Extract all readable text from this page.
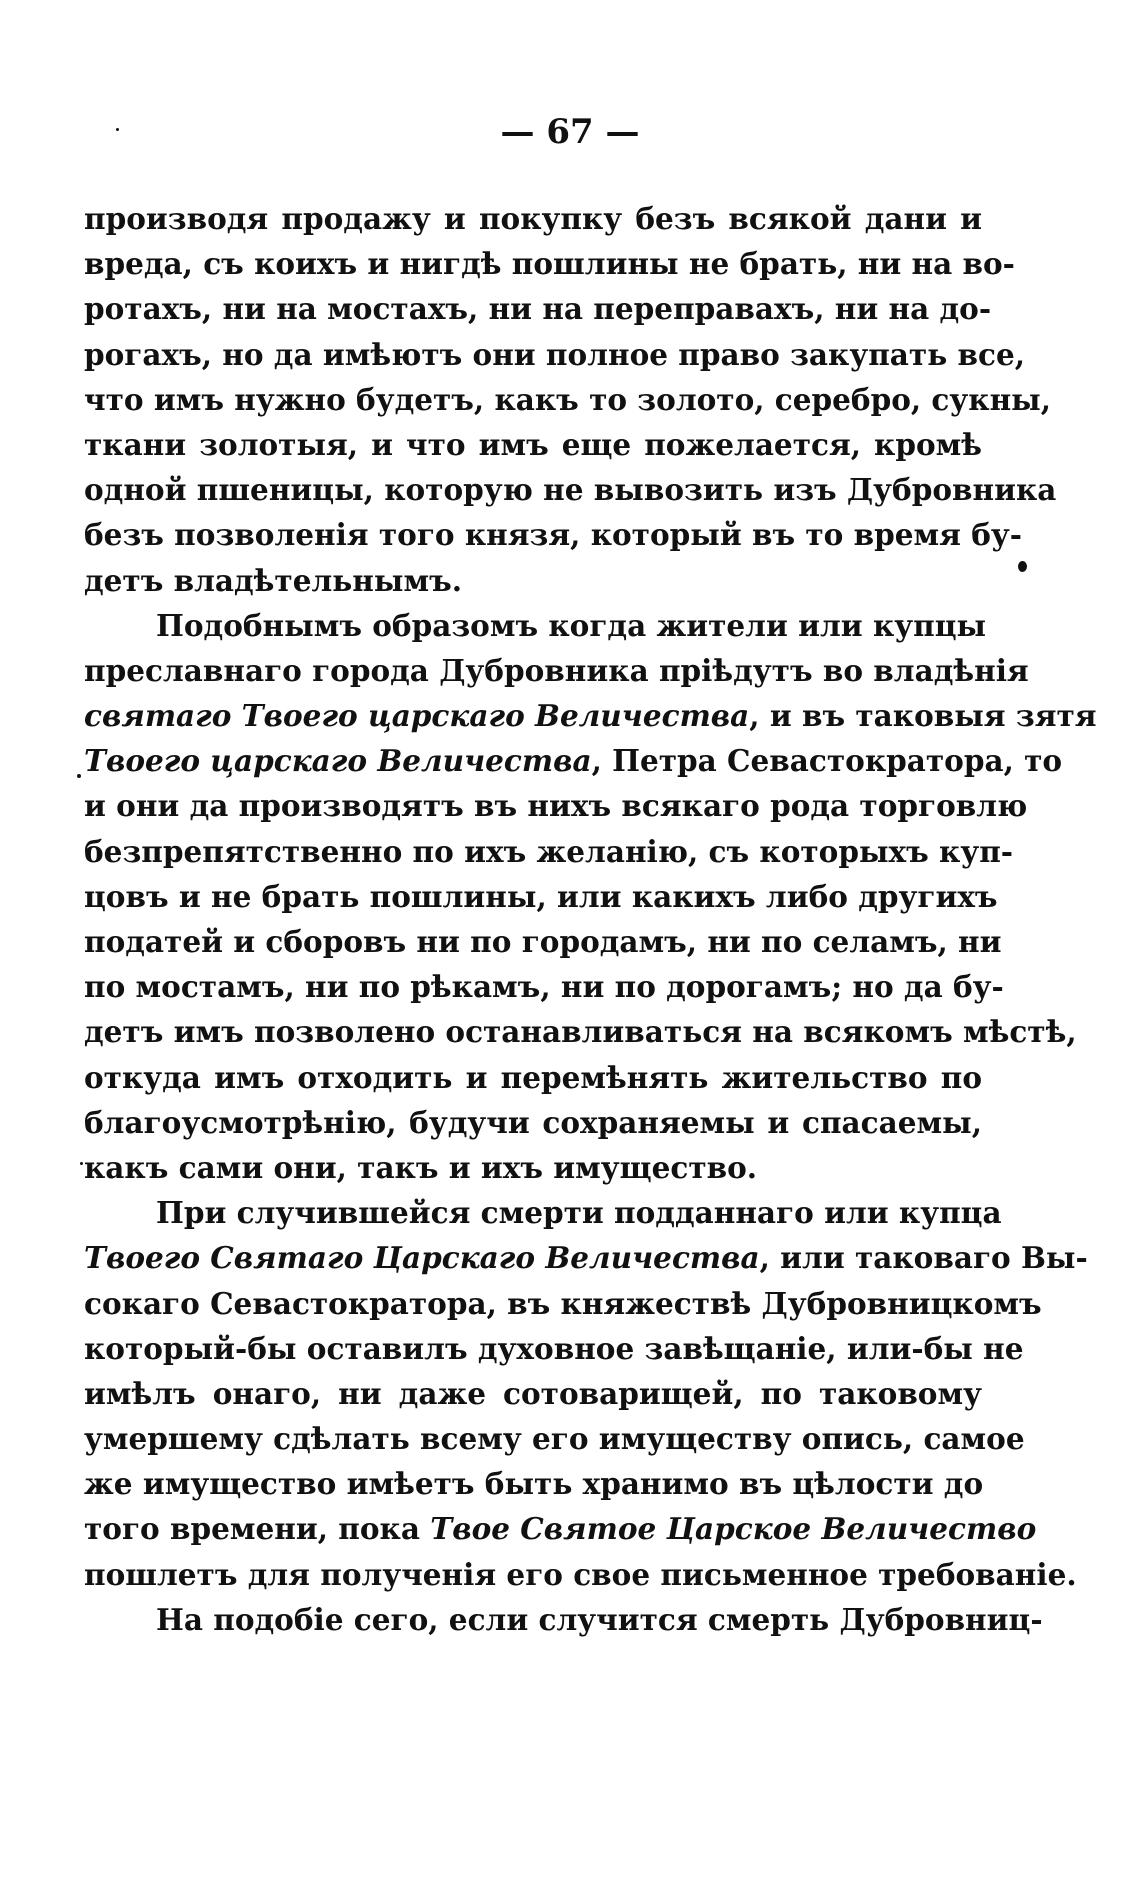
— 67 —
производя продажу и покупку безъ всякой дани и
вреда, съ коихъ и нигдѣ пошлины не брать, ни на во-
ротахъ, ни на мостахъ, ни на переправахъ, ни на до-
рогахъ, но да имѣютъ они полное право закупать все,
что имъ нужно будетъ, какъ то золото, серебро, сукны,
ткани золотыя, и что имъ еще пожелается, кромѣ
одной пшеницы, которую не вывозить изъ Дубровника
безъ позволенія того князя, который въ то время бу-
детъ владѣтельнымъ.
Подобнымъ образомъ когда жители или купцы
преславнаго города Дубровника пріѣдутъ во владѣнія
святаго Твоего царскаго Величества, и въ таковыя зятя
Твоего царскаго Величества, Петра Севастократора, то
и они да производятъ въ нихъ всякаго рода торговлю
безпрепятственно по ихъ желанію, съ которыхъ куп-
цовъ и не брать пошлины, или какихъ либо другихъ
податей и сборовъ ни по городамъ, ни по селамъ, ни
по мостамъ, ни по рѣкамъ, ни по дорогамъ; но да бу-
детъ имъ позволено останавливаться на всякомъ мѣстѣ,
откуда имъ отходить и перемѣнять жительство по
благоусмотрѣнію, будучи сохраняемы и спасаемы,
какъ сами они, такъ и ихъ имущество.
При случившейся смерти подданнаго или купца
Твоего Святаго Царскаго Величества, или таковаго Вы-
сокаго Севастократора, въ княжествѣ Дубровницкомъ
который-бы оставилъ духовное завѣщаніе, или-бы не
имѣлъ онаго, ни даже сотоварищей, по таковому
умершему сдѣлать всему его имуществу опись, самое
же имущество имѣетъ быть хранимо въ цѣлости до
того времени, пока Твое Святое Царское Величество
пошлетъ для полученія его свое письменное требованіе.
На подобіе сего, если случится смерть Дубровниц-
